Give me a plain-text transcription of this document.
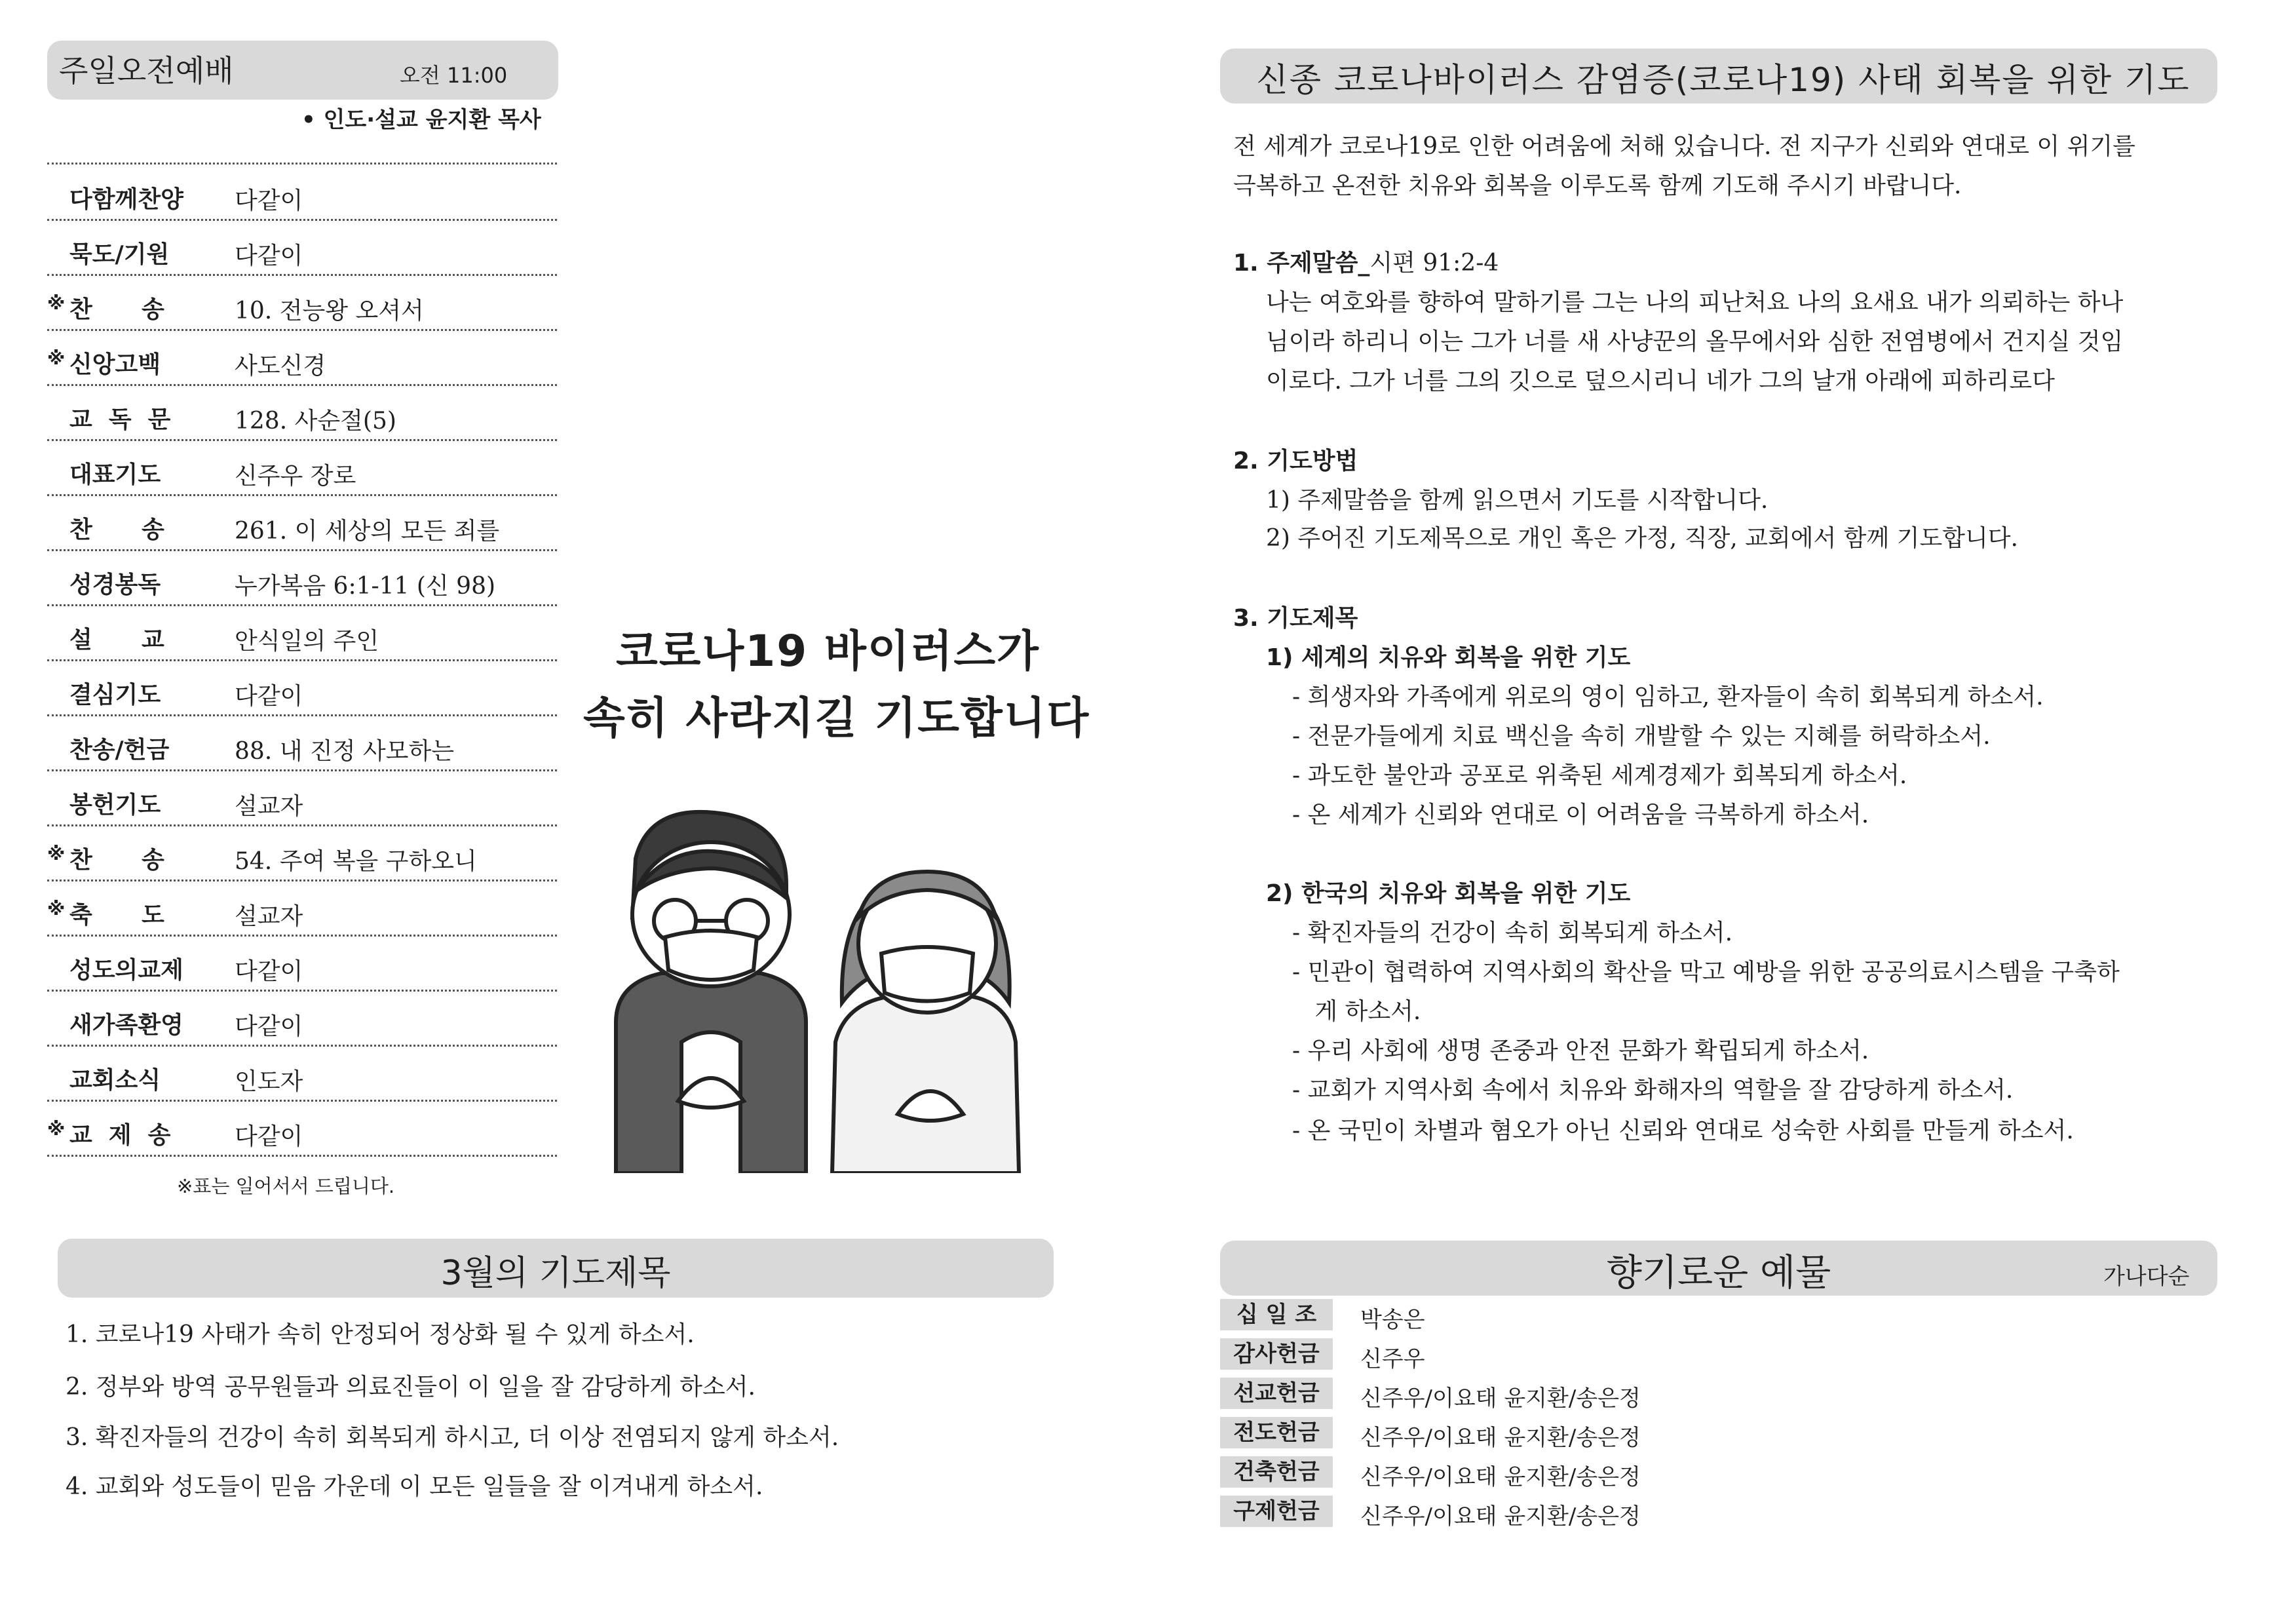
주일오전예배	오전 11:00
• 인도·설교 윤지환 목사
다함께찬양	다같이
묵도/기원	다같이
※ 찬      송	10. 전능왕 오셔서
※ 신앙고백	사도신경
교  독  문	128. 사순절(5)
대표기도	신주우 장로
찬      송	261. 이 세상의 모든 죄를
성경봉독	누가복음 6:1-11 (신 98)
설      교	안식일의 주인
결심기도	다같이
찬송/헌금	88. 내 진정 사모하는
봉헌기도	설교자
※ 찬      송	54. 주여 복을 구하오니
※ 축      도	설교자
성도의교제	다같이
새가족환영	다같이
교회소식	인도자
※ 교  제  송	다같이
※표는 일어서서 드립니다.
코로나19 바이러스가
속히 사라지길 기도합니다
3월의 기도제목
1. 코로나19 사태가 속히 안정되어 정상화 될 수 있게 하소서.
2. 정부와 방역 공무원들과 의료진들이 이 일을 잘 감당하게 하소서.
3. 확진자들의 건강이 속히 회복되게 하시고, 더 이상 전염되지 않게 하소서.
4. 교회와 성도들이 믿음 가운데 이 모든 일들을 잘 이겨내게 하소서.
신종 코로나바이러스 감염증(코로나19) 사태 회복을 위한 기도
전 세계가 코로나19로 인한 어려움에 처해 있습니다. 전 지구가 신뢰와 연대로 이 위기를
극복하고 온전한 치유와 회복을 이루도록 함께 기도해 주시기 바랍니다.
1. 주제말씀_시편 91:2-4
나는 여호와를 향하여 말하기를 그는 나의 피난처요 나의 요새요 내가 의뢰하는 하나
님이라 하리니 이는 그가 너를 새 사냥꾼의 올무에서와 심한 전염병에서 건지실 것임
이로다. 그가 너를 그의 깃으로 덮으시리니 네가 그의 날개 아래에 피하리로다
2. 기도방법
1) 주제말씀을 함께 읽으면서 기도를 시작합니다.
2) 주어진 기도제목으로 개인 혹은 가정, 직장, 교회에서 함께 기도합니다.
3. 기도제목
1) 세계의 치유와 회복을 위한 기도
- 희생자와 가족에게 위로의 영이 임하고, 환자들이 속히 회복되게 하소서.
- 전문가들에게 치료 백신을 속히 개발할 수 있는 지혜를 허락하소서.
- 과도한 불안과 공포로 위축된 세계경제가 회복되게 하소서.
- 온 세계가 신뢰와 연대로 이 어려움을 극복하게 하소서.
2) 한국의 치유와 회복을 위한 기도
- 확진자들의 건강이 속히 회복되게 하소서.
- 민관이 협력하여 지역사회의 확산을 막고 예방을 위한 공공의료시스템을 구축하
게 하소서.
- 우리 사회에 생명 존중과 안전 문화가 확립되게 하소서.
- 교회가 지역사회 속에서 치유와 화해자의 역할을 잘 감당하게 하소서.
- 온 국민이 차별과 혐오가 아닌 신뢰와 연대로 성숙한 사회를 만들게 하소서.
향기로운 예물	가나다순
십 일 조	박송은
감사헌금	신주우
선교헌금	신주우/이요태 윤지환/송은정
전도헌금	신주우/이요태 윤지환/송은정
건축헌금	신주우/이요태 윤지환/송은정
구제헌금	신주우/이요태 윤지환/송은정
